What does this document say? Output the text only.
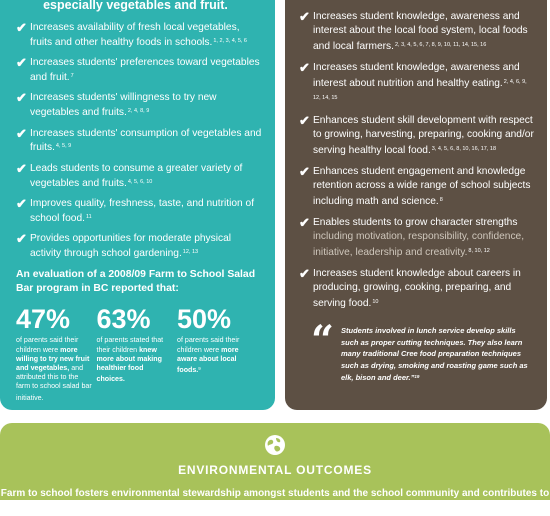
especially vegetables and fruit.
✔ Increases availability of fresh local vegetables, fruits and other healthy foods in schools.$^{1, 2, 3, 4, 5, 6}$
✔ Increases students' preferences toward vegetables and fruit.$^7$
✔ Increases students' willingness to try new vegetables and fruits.$^{2, 4, 8, 9}$
✔ Increases students' consumption of vegetables and fruits.$^{4, 5, 9}$
✔ Leads students to consume a greater variety of vegetables and fruits.$^{4, 5, 6, 10}$
✔ Improves quality, freshness, taste, and nutrition of school food.$^{11}$
✔ Provides opportunities for moderate physical activity through school gardening.$^{12, 13}$
An evaluation of a 2008/09 Farm to School Salad Bar program in BC reported that:
47%
of parents said their children were more willing to try new fruit and vegetables, and attributed this to the farm to school salad bar initiative.
63%
of parents stated that their children knew more about making healthier food choices.
50%
of parents said their children were more aware about local foods.$^9$
✔ Increases student knowledge, awareness and interest about the local food system, local foods and local farmers.$^{2, 3, 4, 5, 6, 7, 8, 9, 10, 11, 14, 15, 16}$
✔ Increases student knowledge, awareness and interest about nutrition and healthy eating.$^{2, 4, 6, 9, 12, 14, 15}$
✔ Enhances student skill development with respect to growing, harvesting, preparing, cooking and/or serving healthy local food.$^{3, 4, 5, 6, 8, 10, 16, 17, 18}$
✔ Enhances student engagement and knowledge retention across a wide range of school subjects including math and science.$^8$
✔ Enables students to grow character strengths including motivation, responsibility, confidence, initiative, leadership and creativity.$^{8, 10, 12}$
✔ Increases student knowledge about careers in producing, growing, cooking, preparing, and serving food.$^{10}$
“ Students involved in lunch service develop skills such as proper cutting techniques. They also learn many traditional Cree food preparation techniques such as drying, smoking and roasting game such as elk, bison and deer.”$^{19}$
ENVIRONMENTAL OUTCOMES
Farm to school fosters environmental stewardship amongst students and the school community and contributes to more sustainable ecosystems
